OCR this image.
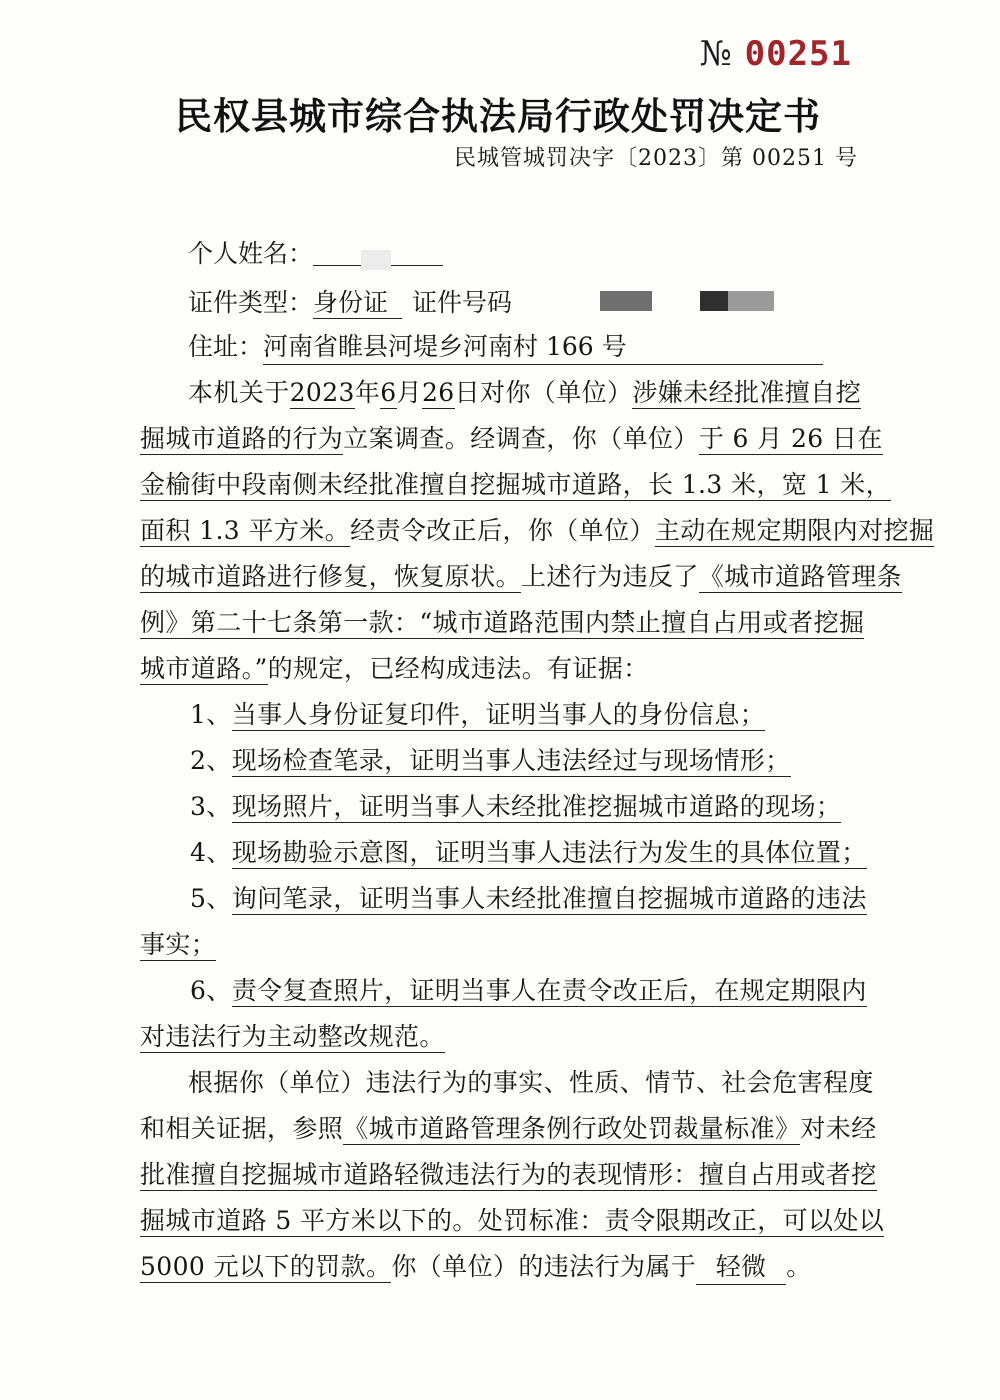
№ 00251
民权县城市综合执法局行政处罚决定书
民城管城罚决字〔2023〕第 00251 号
个人姓名：
证件类型：身份证 证件号码
住址：河南省睢县河堤乡河南村 166 号
本机关于2023年6月26日对你（单位）涉嫌未经批准擅自挖
掘城市道路的行为立案调查。经调查，你（单位）于 6 月 26 日在
金榆街中段南侧未经批准擅自挖掘城市道路，长 1.3 米，宽 1 米，
面积 1.3 平方米。经责令改正后，你（单位）主动在规定期限内对挖掘
的城市道路进行修复，恢复原状。上述行为违反了《城市道路管理条
例》第二十七条第一款：“城市道路范围内禁止擅自占用或者挖掘
城市道路。”的规定，已经构成违法。有证据：
1、当事人身份证复印件，证明当事人的身份信息；
2、现场检查笔录，证明当事人违法经过与现场情形；
3、现场照片，证明当事人未经批准挖掘城市道路的现场；
4、现场勘验示意图，证明当事人违法行为发生的具体位置；
5、询问笔录，证明当事人未经批准擅自挖掘城市道路的违法
事实；
6、责令复查照片，证明当事人在责令改正后，在规定期限内
对违法行为主动整改规范。
根据你（单位）违法行为的事实、性质、情节、社会危害程度
和相关证据，参照《城市道路管理条例行政处罚裁量标准》对未经
批准擅自挖掘城市道路轻微违法行为的表现情形：擅自占用或者挖
掘城市道路 5 平方米以下的。处罚标准：责令限期改正，可以处以
5000 元以下的罚款。你（单位）的违法行为属于 轻微 。
